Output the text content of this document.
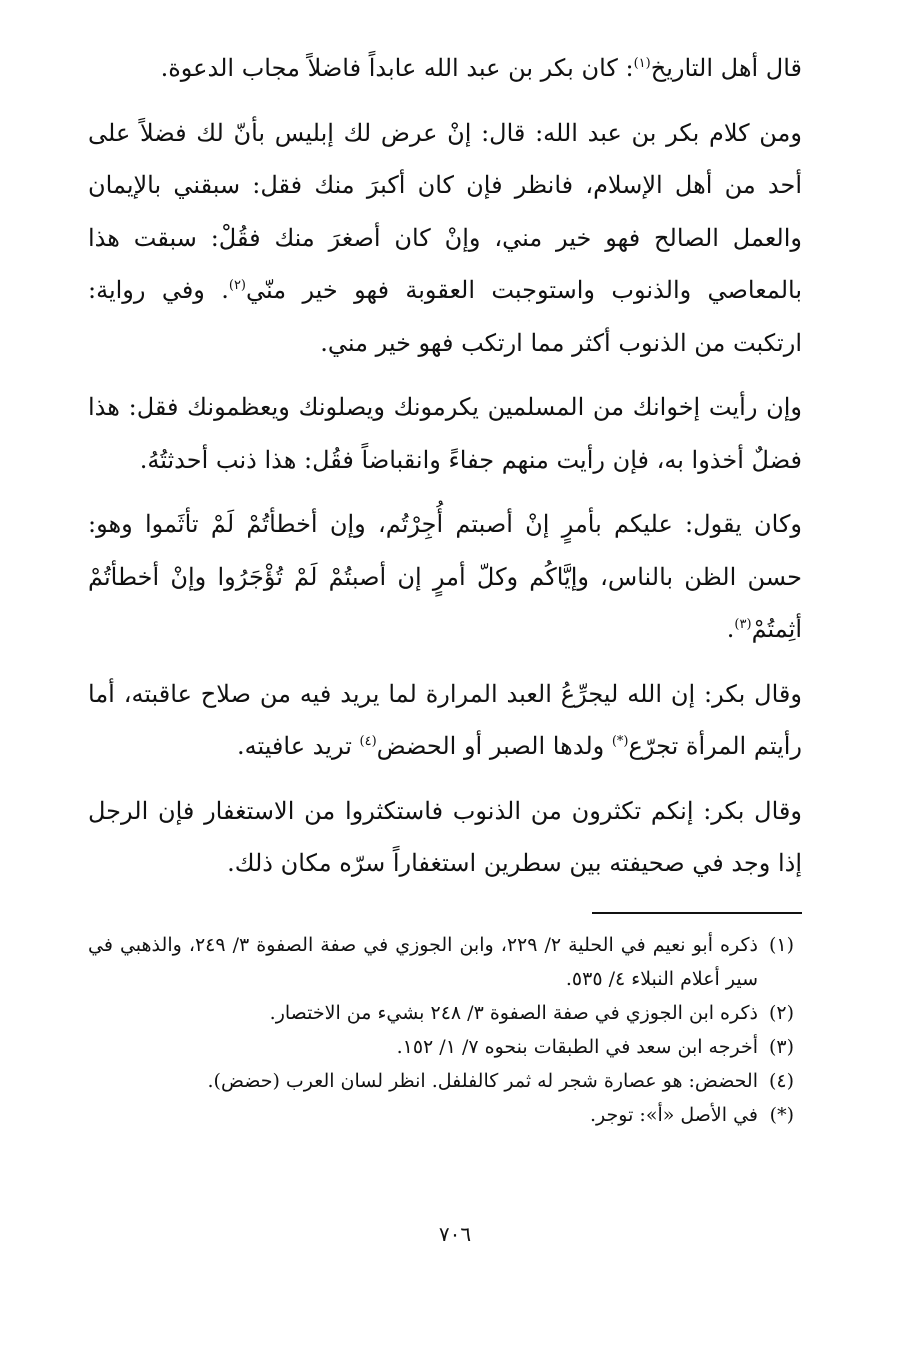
قال أهل التاريخ$^{(١)}$: كان بكر بن عبد الله عابداً فاضلاً مجاب الدعوة.

ومن كلام بكر بن عبد الله: قال: إنْ عرض لك إبليس بأنّ لك فضلاً على أحد من أهل الإسلام، فانظر فإن كان أكبرَ منك فقل: سبقني بالإيمان والعمل الصالح فهو خير مني، وإنْ كان أصغرَ منك فقُلْ: سبقت هذا بالمعاصي والذنوب واستوجبت العقوبة فهو خير منّي$^{(٢)}$. وفي رواية: ارتكبت من الذنوب أكثر مما ارتكب فهو خير مني.

وإن رأيت إخوانك من المسلمين يكرمونك ويصلونك ويعظمونك فقل: هذا فضلٌ أخذوا به، فإن رأيت منهم جفاءً وانقباضاً فقُل: هذا ذنب أحدثتُهُ.

وكان يقول: عليكم بأمرٍ إنْ أصبتم أُجِرْتُم، وإن أخطأتُمْ لَمْ تأثَموا وهو: حسن الظن بالناس، وإيَّاكُم وكلّ أمرٍ إن أصبتُمْ لَمْ تُؤْجَرُوا وإنْ أخطأتُمْ أثِمتُمْ$^{(٣)}$.

وقال بكر: إن الله ليجرِّعُ العبد المرارة لما يريد فيه من صلاح عاقبته، أما رأيتم المرأة تجرّع(*) ولدها الصبر أو الحضض$^{(٤)}$ تريد عافيته.

وقال بكر: إنكم تكثرون من الذنوب فاستكثروا من الاستغفار فإن الرجل إذا وجد في صحيفته بين سطرين استغفاراً سرّه مكان ذلك.

(١)
ذكره أبو نعيم في الحلية ٢/ ٢٢٩، وابن الجوزي في صفة الصفوة ٣/ ٢٤٩، والذهبي في سير أعلام النبلاء ٤/ ٥٣٥.
(٢)
ذكره ابن الجوزي في صفة الصفوة ٣/ ٢٤٨ بشيء من الاختصار.
(٣)
أخرجه ابن سعد في الطبقات بنحوه ٧/ ١/ ١٥٢.
(٤)
الحضض: هو عصارة شجر له ثمر كالفلفل. انظر لسان العرب (حضض).
(*)
في الأصل «أ»: توجر.
٧٠٦
